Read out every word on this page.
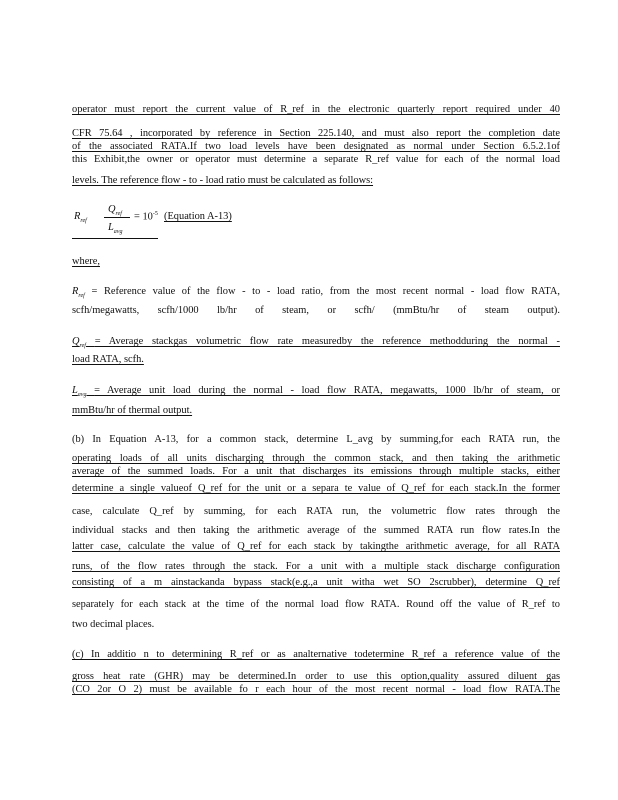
operator must report the current value of R_ref in the electronic quarterly report required under 40
CFR 75.64 , incorporated by reference in Section 225.140, and must also report the completion date
of the associated RATA.If two load levels have been designated as normal under Section 6.5.2.1of
this Exhibit,the owner or operator must determine a separate R_ref value for each of the normal load
levels. The reference flow - to - load ratio must be calculated as follows:
$R_{ref}$
$Q_{ref}$
$L_{avg}$
= $10^{-5}$ (Equation A-13)
where,
$R_{ref}$ = Reference value of the flow - to - load ratio, from the most recent normal - load flow RATA,
scfh/megawatts, scfh/1000 lb/hr of steam, or scfh/ (mmBtu/hr of steam output).
$Q_{ref}$ = Average stackgas volumetric flow rate measuredby the reference methodduring the normal -
load RATA, scfh.
$L_{avg}$ = Average unit load during the normal - load flow RATA, megawatts, 1000 lb/hr of steam, or
mmBtu/hr of thermal output.
(b) In Equation A-13, for a common stack, determine L_avg by summing,for each RATA run, the
operating loads of all units discharging through the common stack, and then taking the arithmetic
average of the summed loads. For a unit that discharges its emissions through multiple stacks, either
determine a single valueof Q_ref for the unit or a separa te value of Q_ref for each stack.In the former
case, calculate Q_ref by summing, for each RATA run, the volumetric flow rates through the
individual stacks and then taking the arithmetic average of the summed RATA run flow rates.In the
latter case, calculate the value of Q_ref for each stack by takingthe arithmetic average, for all RATA
runs, of the flow rates through the stack. For a unit with a multiple stack discharge configuration
consisting of a m ainstackanda bypass stack(e.g.,a unit witha wet SO 2scrubber), determine Q_ref
separately for each stack at the time of the normal load flow RATA. Round off the value of R_ref to
two decimal places.
(c) In additio n to determining R_ref or as analternative todetermine R_ref a reference value of the
gross heat rate (GHR) may be determined.In order to use this option,quality assured diluent gas
(CO 2or O 2) must be available fo r each hour of the most recent normal - load flow RATA.The
